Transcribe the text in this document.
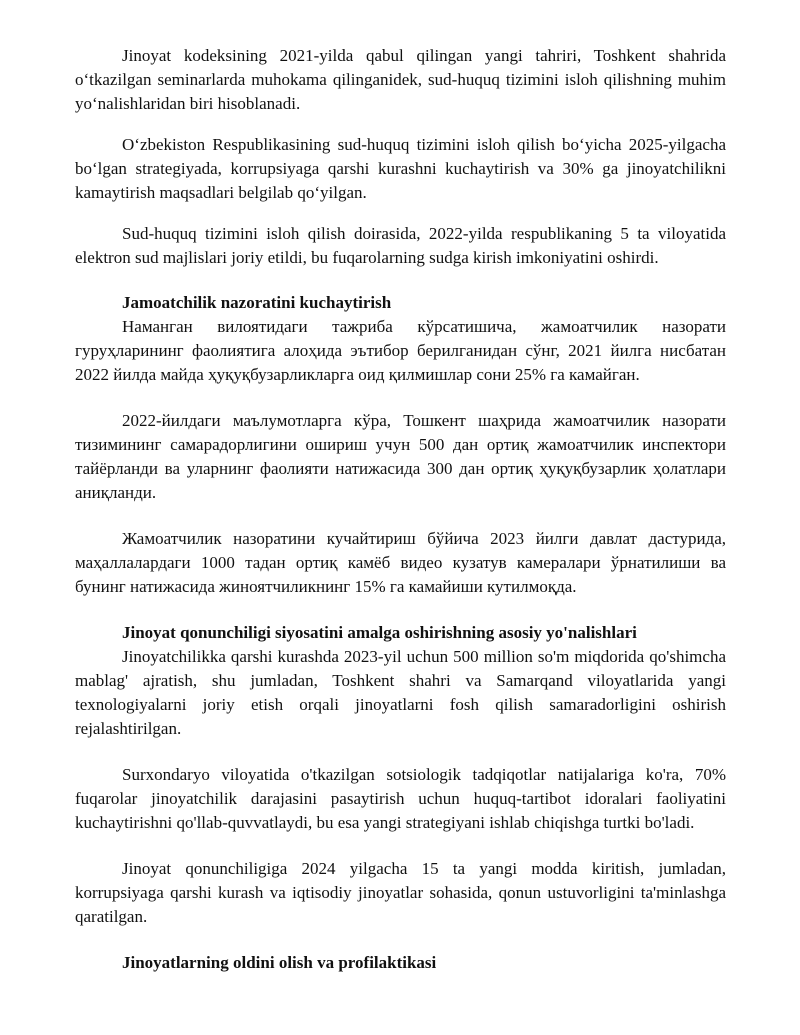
Jinoyat kodeksining 2021-yilda qabul qilingan yangi tahriri, Toshkent shahrida oʻtkazilgan seminarlarda muhokama qilinganidek, sud-huquq tizimini isloh qilishning muhim yoʻnalishlaridan biri hisoblanadi.

Oʻzbekiston Respublikasining sud-huquq tizimini isloh qilish boʻyicha 2025-yilgacha boʻlgan strategiyada, korrupsiyaga qarshi kurashni kuchaytirish va 30% ga jinoyatchilikni kamaytirish maqsadlari belgilab qoʻyilgan.

Sud-huquq tizimini isloh qilish doirasida, 2022-yilda respublikaning 5 ta viloyatida elektron sud majlislari joriy etildi, bu fuqarolarning sudga kirish imkoniyatini oshirdi.

Jamoatchilik nazoratini kuchaytirish

Наманган вилоятидаги тажриба кўрсатишича, жамоатчилик назорати гуруҳларининг фаолиятига алоҳида эътибор берилганидан сўнг, 2021 йилга нисбатан 2022 йилда майда ҳуқуқбузарликларга оид қилмишлар сони 25% га камайган.

2022-йилдаги маълумотларга кўра, Тошкент шаҳрида жамоатчилик назорати тизимининг самарадорлигини ошириш учун 500 дан ортиқ жамоатчилик инспектори тайёрланди ва уларнинг фаолияти натижасида 300 дан ортиқ ҳуқуқбузарлик ҳолатлари аниқланди.

Жамоатчилик назоратини кучайтириш бўйича 2023 йилги давлат дастурида, маҳаллалардаги 1000 тадан ортиқ камёб видео кузатув камералари ўрнатилиши ва бунинг натижасида жиноятчиликнинг 15% га камайиши кутилмоқда.

Jinoyat qonunchiligi siyosatini amalga oshirishning asosiy yo'nalishlari

Jinoyatchilikka qarshi kurashda 2023-yil uchun 500 million so'm miqdorida qo'shimcha mablag' ajratish, shu jumladan, Toshkent shahri va Samarqand viloyatlarida yangi texnologiyalarni joriy etish orqali jinoyatlarni fosh qilish samaradorligini oshirish rejalashtirilgan.

Surxondaryo viloyatida o'tkazilgan sotsiologik tadqiqotlar natijalariga ko'ra, 70% fuqarolar jinoyatchilik darajasini pasaytirish uchun huquq-tartibot idoralari faoliyatini kuchaytirishni qo'llab-quvvatlaydi, bu esa yangi strategiyani ishlab chiqishga turtki bo'ladi.

Jinoyat qonunchiligiga 2024 yilgacha 15 ta yangi modda kiritish, jumladan, korrupsiyaga qarshi kurash va iqtisodiy jinoyatlar sohasida, qonun ustuvorligini ta'minlashga qaratilgan.

Jinoyatlarning oldini olish va profilaktikasi
